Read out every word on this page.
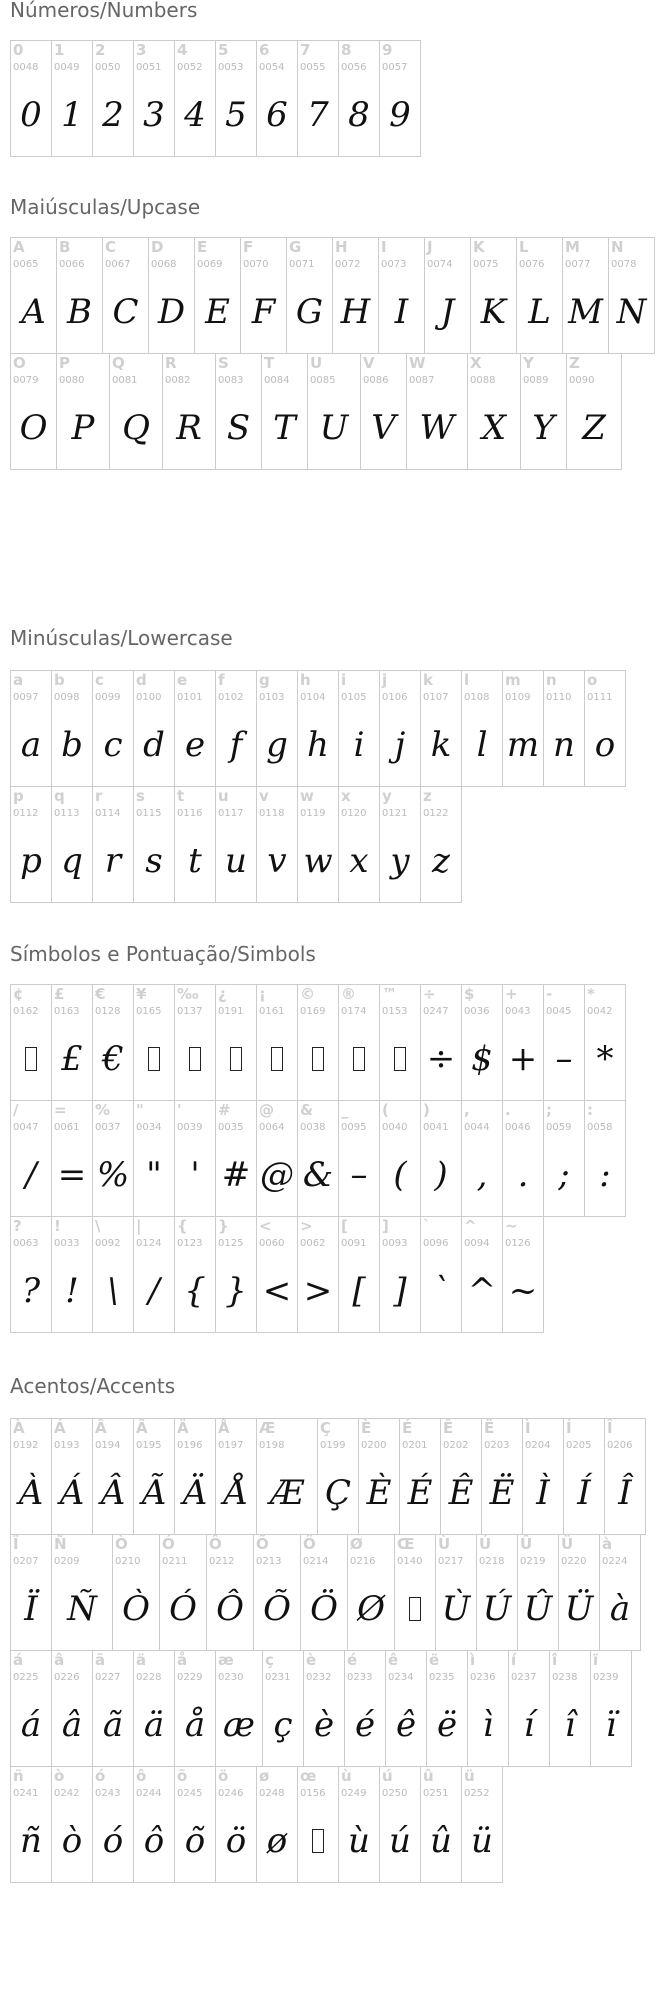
Números/Numbers
0
0048
0
1
0049
1
2
0050
2
3
0051
3
4
0052
4
5
0053
5
6
0054
6
7
0055
7
8
0056
8
9
0057
9
Maiúsculas/Upcase
A
0065
A
B
0066
B
C
0067
C
D
0068
D
E
0069
E
F
0070
F
G
0071
G
H
0072
H
I
0073
I
J
0074
J
K
0075
K
L
0076
L
M
0077
M
N
0078
N
O
0079
O
P
0080
P
Q
0081
Q
R
0082
R
S
0083
S
T
0084
T
U
0085
U
V
0086
V
W
0087
W
X
0088
X
Y
0089
Y
Z
0090
Z
Minúsculas/Lowercase
a
0097
a
b
0098
b
c
0099
c
d
0100
d
e
0101
e
f
0102
f
g
0103
g
h
0104
h
i
0105
i
j
0106
j
k
0107
k
l
0108
l
m
0109
m
n
0110
n
o
0111
o
p
0112
p
q
0113
q
r
0114
r
s
0115
s
t
0116
t
u
0117
u
v
0118
v
w
0119
w
x
0120
x
y
0121
y
z
0122
z
Símbolos e Pontuação/Simbols
¢
0162
£
0163
£
€
0128
€
¥
0165
‰
0137
¿
0191
¡
0161
©
0169
®
0174
™
0153
÷
0247
÷
$
0036
$
+
0043
+
-
0045
–
*
0042
*
/
0047
/
=
0061
=
%
0037
%
"
0034
"
'
0039
'
#
0035
#
@
0064
@
&
0038
&
_
0095
–
(
0040
(
)
0041
)
,
0044
,
.
0046
.
;
0059
;
:
0058
:
?
0063
?
!
0033
!
\
0092
\
|
0124
/
{
0123
{
}
0125
}
<
0060
<
>
0062
>
[
0091
[
]
0093
]
`
0096
`
^
0094
^
~
0126
~
Acentos/Accents
À
0192
À
Á
0193
Á
Â
0194
Â
Ã
0195
Ã
Ä
0196
Ä
Å
0197
Å
Æ
0198
Æ
Ç
0199
Ç
È
0200
È
É
0201
É
Ê
0202
Ê
Ë
0203
Ë
Ì
0204
Ì
Í
0205
Í
Î
0206
Î
Ï
0207
Ï
Ñ
0209
Ñ
Ò
0210
Ò
Ó
0211
Ó
Ô
0212
Ô
Õ
0213
Õ
Ö
0214
Ö
Ø
0216
Ø
Œ
0140
Ù
0217
Ù
Ú
0218
Ú
Û
0219
Û
Ü
0220
Ü
à
0224
à
á
0225
á
â
0226
â
ã
0227
ã
ä
0228
ä
å
0229
å
æ
0230
æ
ç
0231
ç
è
0232
è
é
0233
é
ê
0234
ê
ë
0235
ë
ì
0236
ì
í
0237
í
î
0238
î
ï
0239
ï
ñ
0241
ñ
ò
0242
ò
ó
0243
ó
ô
0244
ô
õ
0245
õ
ö
0246
ö
ø
0248
ø
œ
0156
ù
0249
ù
ú
0250
ú
û
0251
û
ü
0252
ü
